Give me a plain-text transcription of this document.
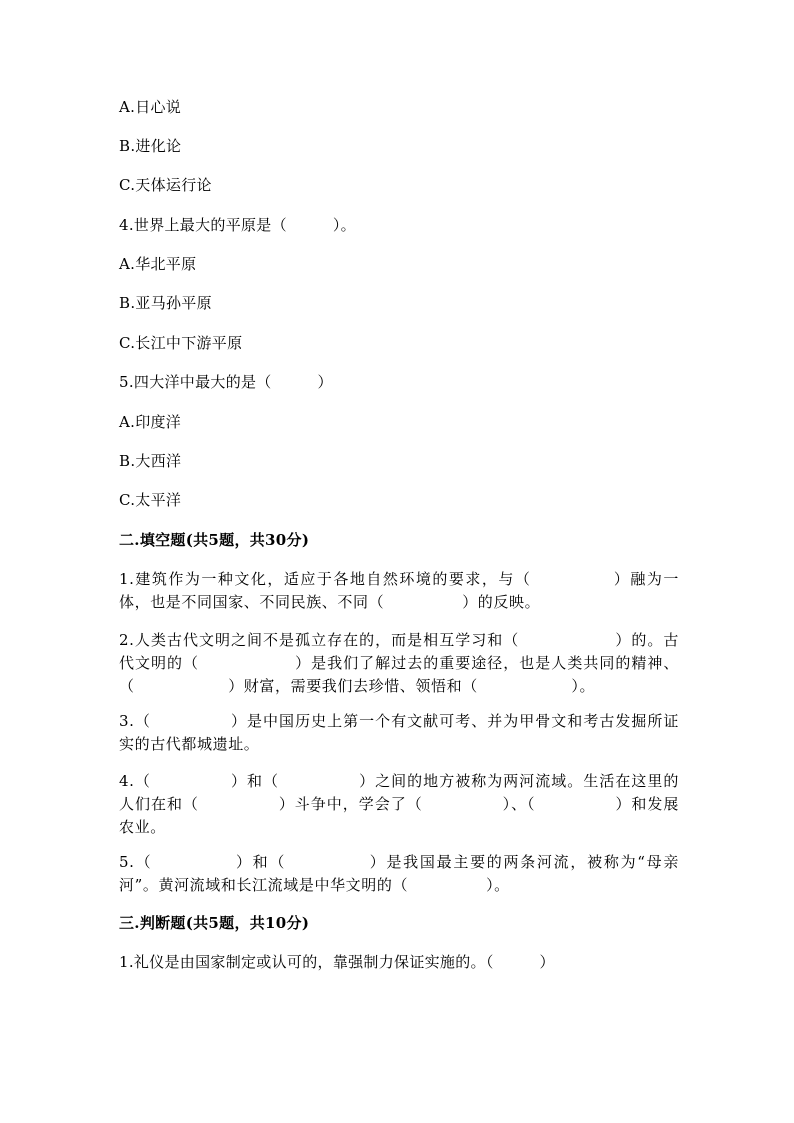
A.日心说
B.进化论
C.天体运行论
4.世界上最大的平原是（　　　）。
A.华北平原
B.亚马孙平原
C.长江中下游平原
5.四大洋中最大的是（　　　）
A.印度洋
B.大西洋
C.太平洋
二.填空题(共5题，共30分)
1.建筑作为一种文化，适应于各地自然环境的要求，与（　　　　　）融为一体，也是不同国家、不同民族、不同（　　　　　）的反映。
2.人类古代文明之间不是孤立存在的，而是相互学习和（　　　　　　）的。古代文明的（　　　　　　）是我们了解过去的重要途径，也是人类共同的精神、（　　　　　　）财富，需要我们去珍惜、领悟和（　　　　　　）。
3.（　　　　　）是中国历史上第一个有文献可考、并为甲骨文和考古发掘所证实的古代都城遗址。
4.（　　　　　）和（　　　　　）之间的地方被称为两河流域。生活在这里的人们在和（　　　　　）斗争中，学会了（　　　　　）、（　　　　　）和发展农业。
5.（　　　　　）和（　　　　　）是我国最主要的两条河流，被称为“母亲河”。黄河流域和长江流域是中华文明的（　　　　　）。
三.判断题(共5题，共10分)
1.礼仪是由国家制定或认可的，靠强制力保证实施的。（　　　）
